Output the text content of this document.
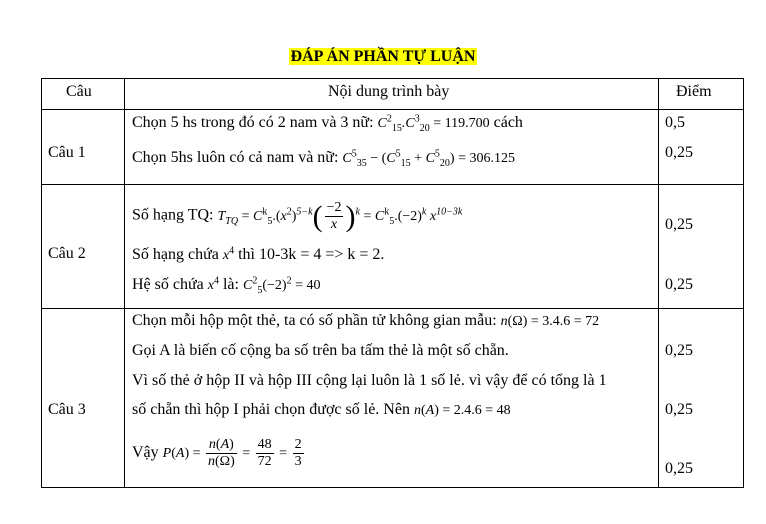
ĐÁP ÁN PHẦN TỰ LUẬN
Câu	Nội dung trình bày	Điểm
Câu 1
Chọn 5 hs trong đó có 2 nam và 3 nữ: $C^2_{15}.C^3_{20} = 119.700$ cách
Chọn 5hs luôn có cả nam và nữ: $C^5_{35} - (C^5_{15} + C^5_{20}) = 306.125$
0,5
0,25
Câu 2
Số hạng TQ: $T_{TQ} = C^k_5.(x^2)^{5-k}( \frac{-2}{x} )^k = C^k_5.(-2)^k$ $x^{10-3k}$
Số hạng chứa $x^4$ thì 10-3k = 4 => k = 2.
Hệ số chứa $x^4$ là: $C^2_5(-2)^2 = 40$
0,25
0,25
Câu 3
Chọn mỗi hộp một thẻ, ta có số phần tử không gian mẫu: n(Ω) = 3.4.6 = 72
Gọi A là biến cố cộng ba số trên ba tấm thẻ là một số chẵn.
Vì số thẻ ở hộp II và hộp III cộng lại luôn là 1 số lẻ. vì vậy để có tổng là 1
số chẵn thì hộp I phải chọn được số lẻ. Nên n(A) = 2.4.6 = 48
Vậy $P(A) = \frac{n(A)}{n(\Omega)} = \frac{48}{72} = \frac{2}{3}$
0,25
0,25
0,25
